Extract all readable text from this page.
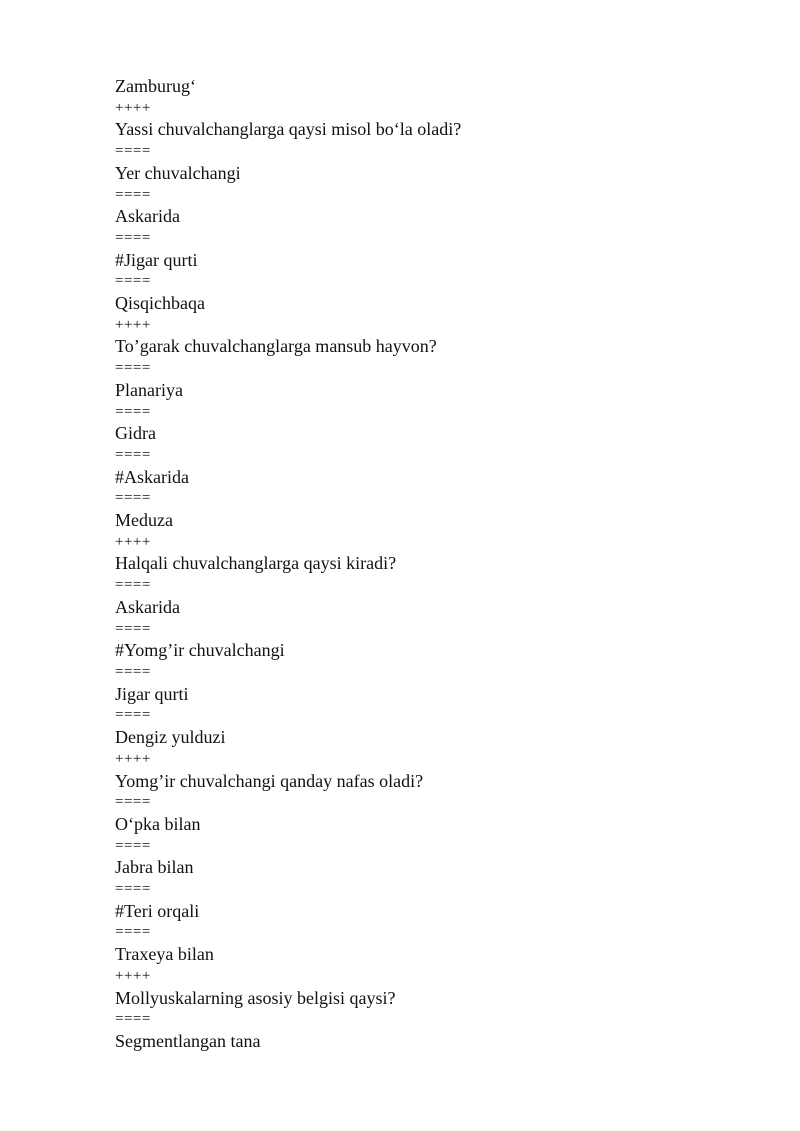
Zamburug‘

++++

Yassi chuvalchanglarga qaysi misol bo‘la oladi?

====

Yer chuvalchangi

====

Askarida

====

#Jigar qurti

====

Qisqichbaqa

++++

To’garak chuvalchanglarga mansub hayvon?

====

Planariya

====

Gidra

====

#Askarida

====

Meduza

++++

Halqali chuvalchanglarga qaysi kiradi?

====

Askarida

====

#Yomg’ir chuvalchangi

====

Jigar qurti

====

Dengiz yulduzi

++++

Yomg’ir chuvalchangi qanday nafas oladi?

====

O‘pka bilan

====

Jabra bilan

====

#Teri orqali

====

Traxeya bilan

++++

Mollyuskalarning asosiy belgisi qaysi?

====

Segmentlangan tana
